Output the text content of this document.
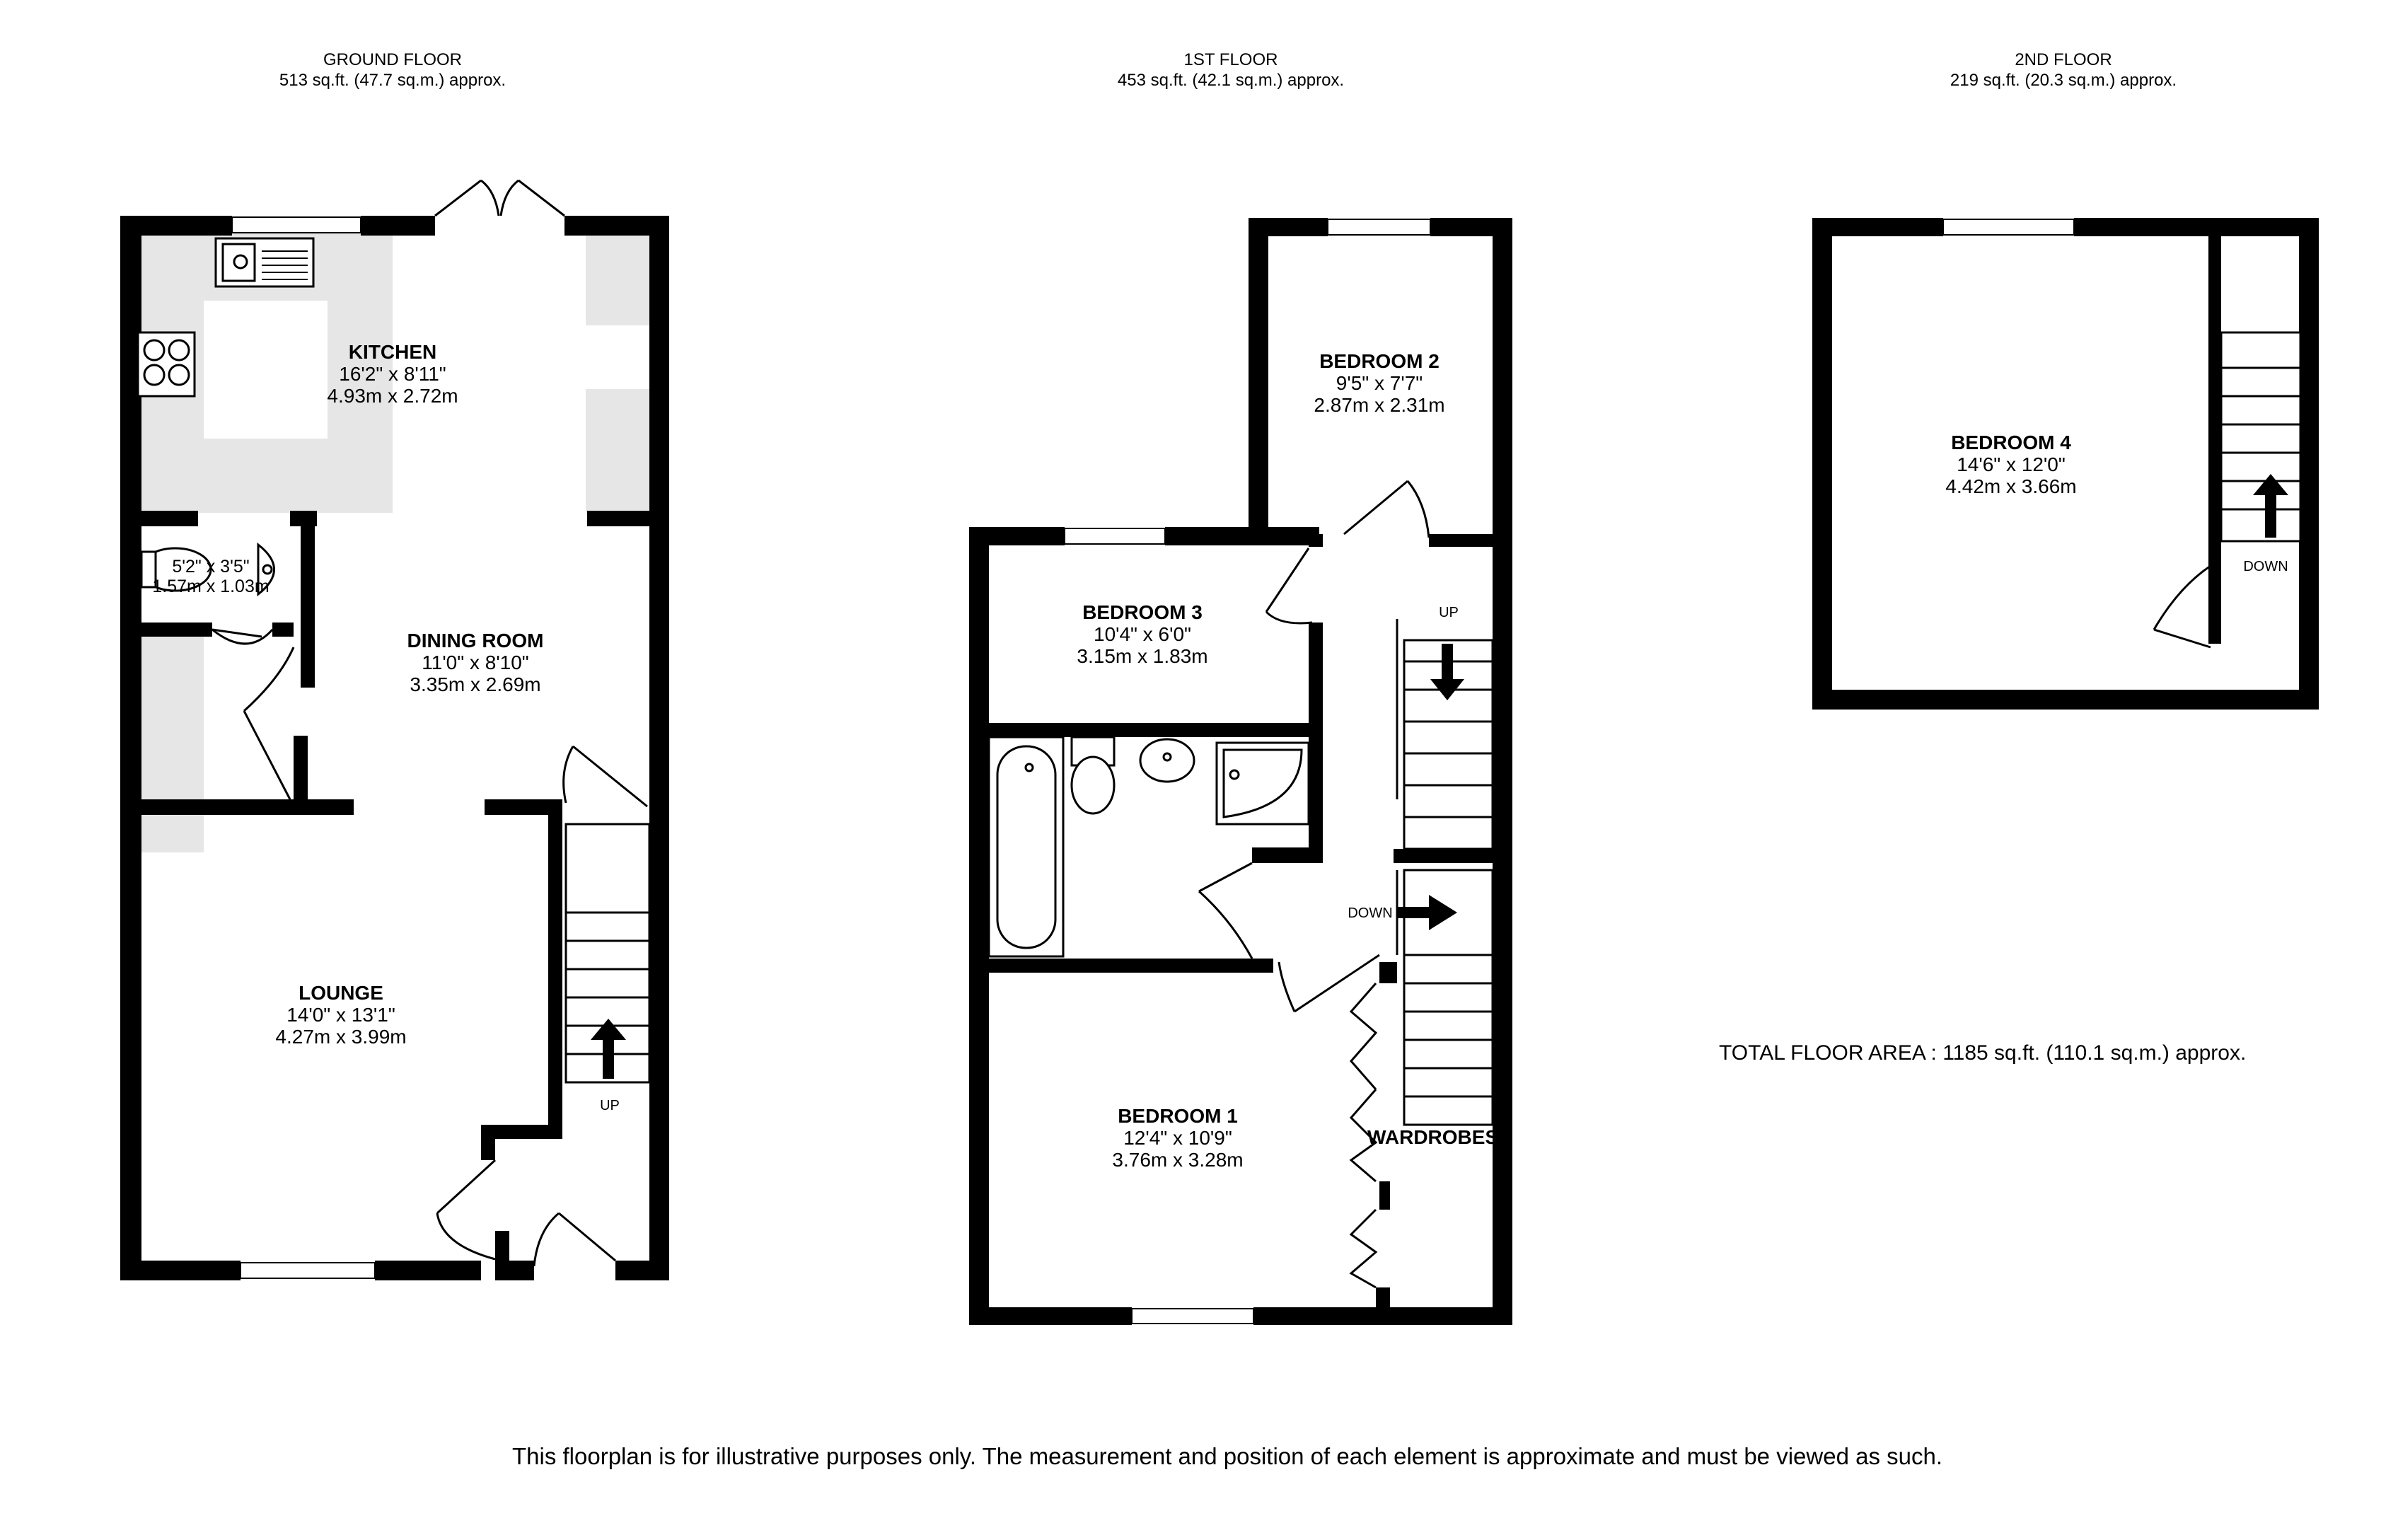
GROUND FLOOR
513 sq.ft. (47.7 sq.m.) approx.
1ST FLOOR
453 sq.ft. (42.1 sq.m.) approx.
2ND FLOOR
219 sq.ft. (20.3 sq.m.) approx.
KITCHEN
16'2" x 8'11"
4.93m x 2.72m
5'2" x 3'5"
1.57m x 1.03m
DINING ROOM
11'0" x 8'10"
3.35m x 2.69m
LOUNGE
14'0" x 13'1"
4.27m x 3.99m
UP
BEDROOM 2
9'5" x 7'7"
2.87m x 2.31m
BEDROOM 3
10'4" x 6'0"
3.15m x 1.83m
BEDROOM 1
12'4" x 10'9"
3.76m x 3.28m
UP
DOWN
WARDROBES
BEDROOM 4
14'6" x 12'0"
4.42m x 3.66m
DOWN
TOTAL FLOOR AREA : 1185 sq.ft. (110.1 sq.m.) approx.
This floorplan is for illustrative purposes only. The measurement and position of each element is approximate and must be viewed as such.
